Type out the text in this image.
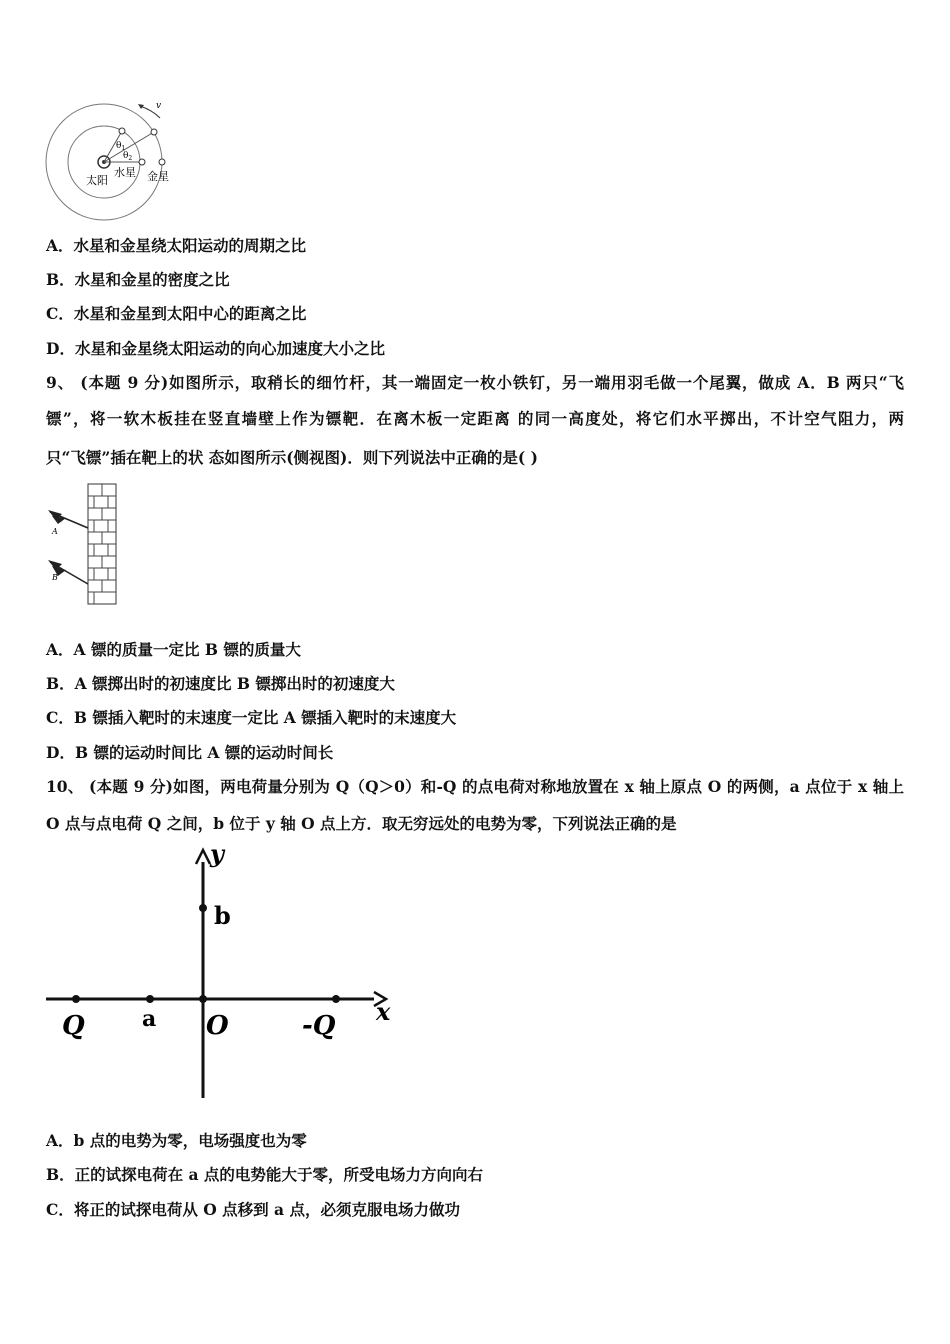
v
$\theta_1$
$\theta_2$
太阳
水星 金星
A．水星和金星绕太阳运动的周期之比
B．水星和金星的密度之比
C．水星和金星到太阳中心的距离之比
D．水星和金星绕太阳运动的向心加速度大小之比
9、 (本题 9 分)如图所示，取稍长的细竹杆，其一端固定一枚小铁钉，另一端用羽毛做一个尾翼，做成 A．B 两只“飞
镖”，将一软木板挂在竖直墙壁上作为镖靶．在离木板一定距离 的同一高度处，将它们水平掷出，不计空气阻力，两
只“飞镖”插在靶上的状 态如图所示(侧视图)．则下列说法中正确的是( )
A
B
A．A 镖的质量一定比 B 镖的质量大
B．A 镖掷出时的初速度比 B 镖掷出时的初速度大
C．B 镖插入靶时的末速度一定比 A 镖插入靶时的末速度大
D．B 镖的运动时间比 A 镖的运动时间长
10、 (本题 9 分)如图，两电荷量分别为 Q（Q＞0）和-Q 的点电荷对称地放置在 x 轴上原点 O 的两侧，a 点位于 x 轴上
O 点与点电荷 Q 之间，b 位于 y 轴 O 点上方．取无穷远处的电势为零，下列说法正确的是
y
b
Q	a O	-Q x
A．b 点的电势为零，电场强度也为零
B．正的试探电荷在 a 点的电势能大于零，所受电场力方向向右
C．将正的试探电荷从 O 点移到 a 点，必须克服电场力做功
